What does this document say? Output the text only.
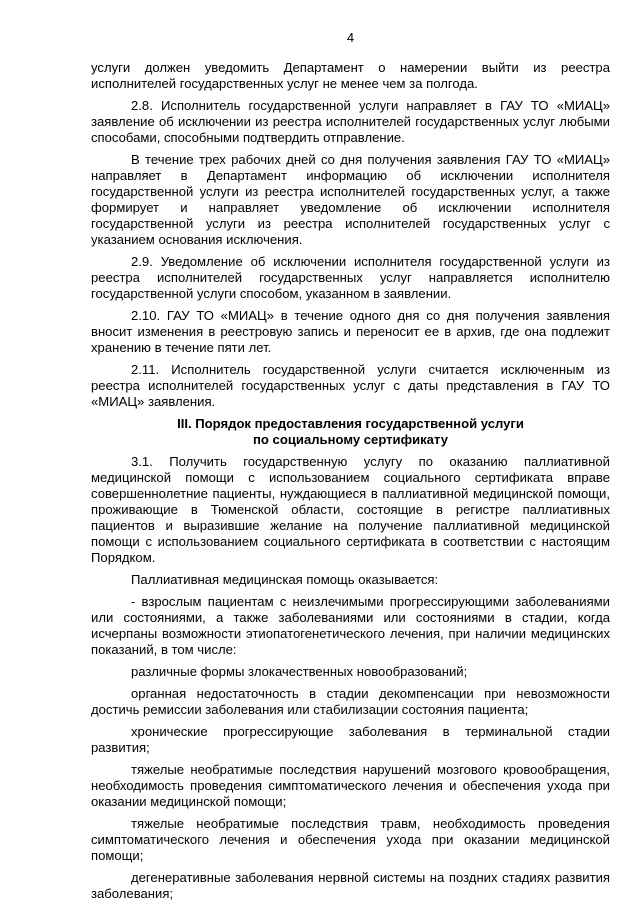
4

услуги должен уведомить Департамент о намерении выйти из реестра исполнителей государственных услуг не менее чем за полгода.

2.8. Исполнитель государственной услуги направляет в ГАУ ТО «МИАЦ» заявление об исключении из реестра исполнителей государственных услуг любыми способами, способными подтвердить отправление.

В течение трех рабочих дней со дня получения заявления ГАУ ТО «МИАЦ» направляет в Департамент информацию об исключении исполнителя государственной услуги из реестра исполнителей государственных услуг, а также формирует и направляет уведомление об исключении исполнителя государственной услуги из реестра исполнителей государственных услуг с указанием основания исключения.

2.9. Уведомление об исключении исполнителя государственной услуги из реестра исполнителей государственных услуг направляется исполнителю государственной услуги способом, указанном в заявлении.

2.10. ГАУ ТО «МИАЦ» в течение одного дня со дня получения заявления вносит изменения в реестровую запись и переносит ее в архив, где она подлежит хранению в течение пяти лет.

2.11. Исполнитель государственной услуги считается исключенным из реестра исполнителей государственных услуг с даты представления в ГАУ ТО «МИАЦ» заявления.

III. Порядок предоставления государственной услуги
по социальному сертификату

3.1. Получить государственную услугу по оказанию паллиативной медицинской помощи с использованием социального сертификата вправе совершеннолетние пациенты, нуждающиеся в паллиативной медицинской помощи, проживающие в Тюменской области, состоящие в регистре паллиативных пациентов и выразившие желание на получение паллиативной медицинской помощи с использованием социального сертификата в соответствии с настоящим Порядком.

Паллиативная медицинская помощь оказывается:

- взрослым пациентам с неизлечимыми прогрессирующими заболеваниями или состояниями, а также заболеваниями или состояниями в стадии, когда исчерпаны возможности этиопатогенетического лечения, при наличии медицинских показаний, в том числе:

различные формы злокачественных новообразований;

органная недостаточность в стадии декомпенсации при невозможности достичь ремиссии заболевания или стабилизации состояния пациента;

хронические прогрессирующие заболевания в терминальной стадии развития;

тяжелые необратимые последствия нарушений мозгового кровообращения, необходимость проведения симптоматического лечения и обеспечения ухода при оказании медицинской помощи;

тяжелые необратимые последствия травм, необходимость проведения симптоматического лечения и обеспечения ухода при оказании медицинской помощи;

дегенеративные заболевания нервной системы на поздних стадиях развития заболевания;
